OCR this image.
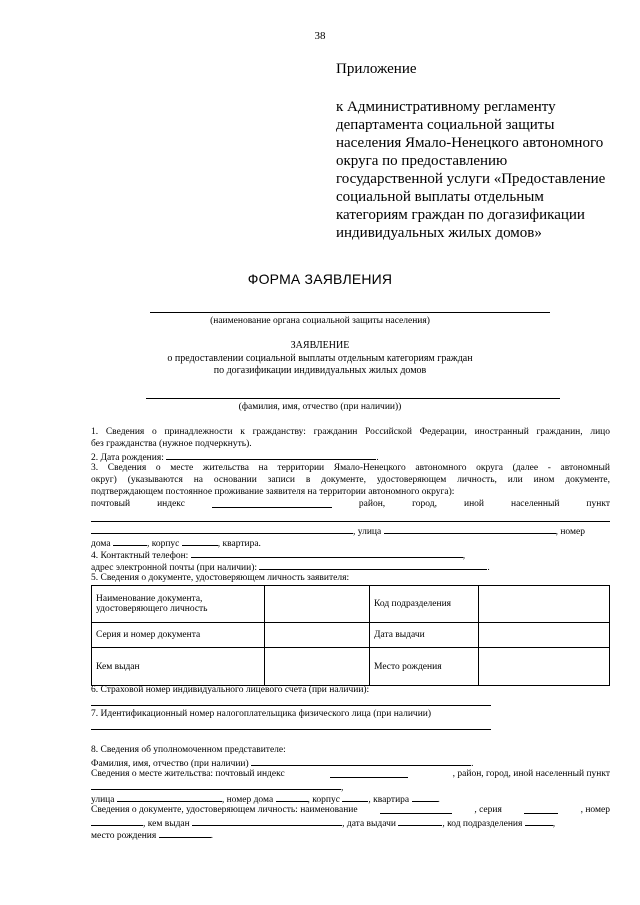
38
Приложение
к Административному регламенту
департамента социальной защиты
населения Ямало-Ненецкого автономного
округа по предоставлению
государственной услуги «Предоставление
социальной выплаты отдельным
категориям граждан по догазификации
индивидуальных жилых домов»
ФОРМА ЗАЯВЛЕНИЯ
(наименование органа социальной защиты населения)
ЗАЯВЛЕНИЕ
о предоставлении социальной выплаты отдельным категориям граждан
по догазификации индивидуальных жилых домов
(фамилия, имя, отчество (при наличии))
1. Сведения о принадлежности к гражданству: гражданин Российской Федерации, иностранный гражданин, лицо
без гражданства (нужное подчеркнуть).
2. Дата рождения:	.
3. Сведения о месте жительства на территории Ямало-Ненецкого автономного округа (далее - автономный
округ) (указываются на основании записи в документе, удостоверяющем личность, или ином документе,
подтверждающем постоянное проживание заявителя на территории автономного округа):
почтовый	индекс	район,	город,	иной	населенный	пункт
, улица	, номер
дома	, корпус	, квартира.
4. Контактный телефон:	,
адрес электронной почты (при наличии):	.
5. Сведения о документе, удостоверяющем личность заявителя:
Наименование документа,
удостоверяющего личность		Код подразделения	
Серия и номер документа		Дата выдачи	
Кем выдан		Место рождения	
6. Страховой номер индивидуального лицевого счета (при наличии):
7. Идентификационный номер налогоплательщика физического лица (при наличии)
8. Сведения об уполномоченном представителе:
Фамилия, имя, отчество (при наличии)	.
Сведения о месте жительства: почтовый индекс	, район, город, иной населенный пункт
,
улица	, номер дома	, корпус	, квартира	.
Сведения о документе, удостоверяющем личность: наименование	, серия	, номер
, кем выдан	, дата выдачи	, код подразделения	,
место рождения	.
